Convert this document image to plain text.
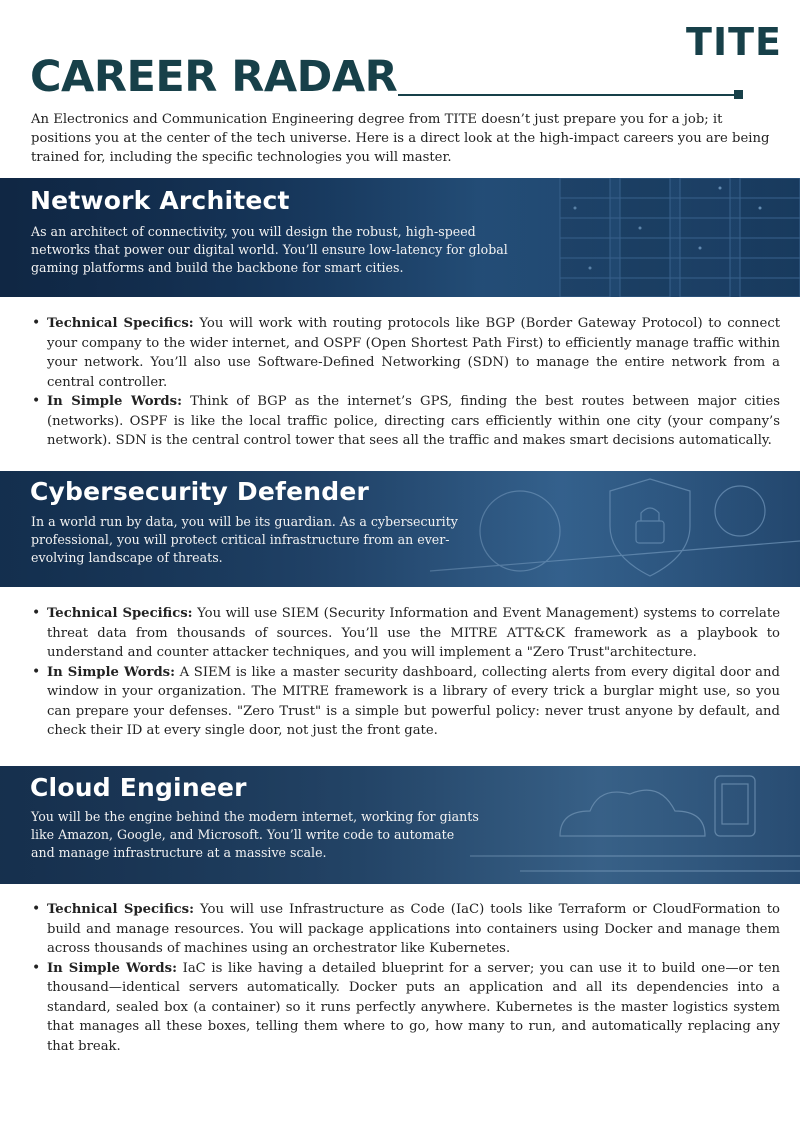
TITE
CAREER RADAR

An Electronics and Communication Engineering degree from TITE doesn’t just prepare you for a job; it positions you at the center of the tech universe. Here is a direct look at the high-impact careers you are being trained for, including the specific technologies you will master.

Network Architect

As an architect of connectivity, you will design the robust, high-speed networks that power our digital world. You’ll ensure low-latency for global gaming platforms and build the backbone for smart cities.

• Technical Specifics: You will work with routing protocols like BGP (Border Gateway Protocol) to connect your company to the wider internet, and OSPF (Open Shortest Path First) to efficiently manage traffic within your network. You’ll also use Software-Defined Networking (SDN) to manage the entire network from a central controller.
• In Simple Words: Think of BGP as the internet’s GPS, finding the best routes between major cities (networks). OSPF is like the local traffic police, directing cars efficiently within one city (your company’s network). SDN is the central control tower that sees all the traffic and makes smart decisions automatically.
Cybersecurity Defender

In a world run by data, you will be its guardian. As a cybersecurity professional, you will protect critical infrastructure from an ever-evolving landscape of threats.

• Technical Specifics: You will use SIEM (Security Information and Event Management) systems to correlate threat data from thousands of sources. You’ll use the MITRE ATT&CK framework as a playbook to understand and counter attacker techniques, and you will implement a "Zero Trust"architecture.
• In Simple Words: A SIEM is like a master security dashboard, collecting alerts from every digital door and window in your organization. The MITRE framework is a library of every trick a burglar might use, so you can prepare your defenses. "Zero Trust" is a simple but powerful policy: never trust anyone by default, and check their ID at every single door, not just the front gate.
Cloud Engineer

You will be the engine behind the modern internet, working for giants like Amazon, Google, and Microsoft. You’ll write code to automate and manage infrastructure at a massive scale.

• Technical Specifics: You will use Infrastructure as Code (IaC) tools like Terraform or CloudFormation to build and manage resources. You will package applications into containers using Docker and manage them across thousands of machines using an orchestrator like Kubernetes.
• In Simple Words: IaC is like having a detailed blueprint for a server; you can use it to build one—or ten thousand—identical servers automatically. Docker puts an application and all its dependencies into a standard, sealed box (a container) so it runs perfectly anywhere. Kubernetes is the master logistics system that manages all these boxes, telling them where to go, how many to run, and automatically replacing any that break.
